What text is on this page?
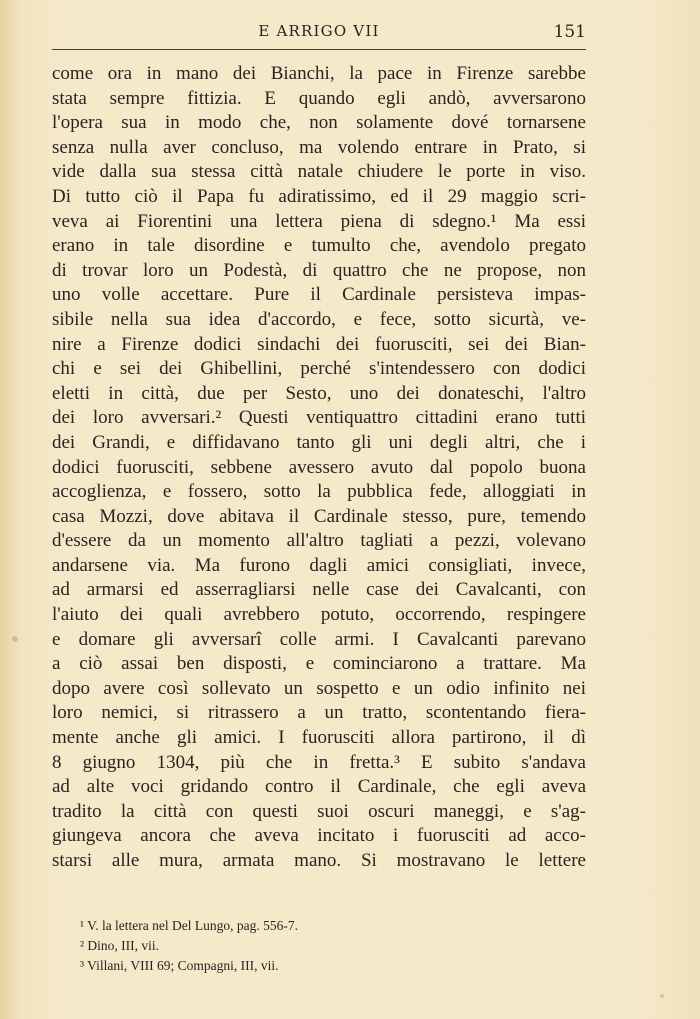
E ARRIGO VII	151
come ora in mano dei Bianchi, la pace in Firenze sarebbe
stata sempre fittizia. E quando egli andò, avversarono
l'opera sua in modo che, non solamente dové tornarsene
senza nulla aver concluso, ma volendo entrare in Prato, si
vide dalla sua stessa città natale chiudere le porte in viso.
Di tutto ciò il Papa fu adiratissimo, ed il 29 maggio scri-
veva ai Fiorentini una lettera piena di sdegno.¹ Ma essi
erano in tale disordine e tumulto che, avendolo pregato
di trovar loro un Podestà, di quattro che ne propose, non
uno volle accettare. Pure il Cardinale persisteva impas-
sibile nella sua idea d'accordo, e fece, sotto sicurtà, ve-
nire a Firenze dodici sindachi dei fuorusciti, sei dei Bian-
chi e sei dei Ghibellini, perché s'intendessero con dodici
eletti in città, due per Sesto, uno dei donateschi, l'altro
dei loro avversari.² Questi ventiquattro cittadini erano tutti
dei Grandi, e diffidavano tanto gli uni degli altri, che i
dodici fuorusciti, sebbene avessero avuto dal popolo buona
accoglienza, e fossero, sotto la pubblica fede, alloggiati in
casa Mozzi, dove abitava il Cardinale stesso, pure, temendo
d'essere da un momento all'altro tagliati a pezzi, volevano
andarsene via. Ma furono dagli amici consigliati, invece,
ad armarsi ed asserragliarsi nelle case dei Cavalcanti, con
l'aiuto dei quali avrebbero potuto, occorrendo, respingere
e domare gli avversarî colle armi. I Cavalcanti parevano
a ciò assai ben disposti, e cominciarono a trattare. Ma
dopo avere così sollevato un sospetto e un odio infinito nei
loro nemici, si ritrassero a un tratto, scontentando fiera-
mente anche gli amici. I fuorusciti allora partirono, il dì
8 giugno 1304, più che in fretta.³ E subito s'andava
ad alte voci gridando contro il Cardinale, che egli aveva
tradito la città con questi suoi oscuri maneggi, e s'ag-
giungeva ancora che aveva incitato i fuorusciti ad acco-
starsi alle mura, armata mano. Si mostravano le lettere
¹ V. la lettera nel Del Lungo, pag. 556-7.
² Dino, III, vii.
³ Villani, VIII 69; Compagni, III, vii.
